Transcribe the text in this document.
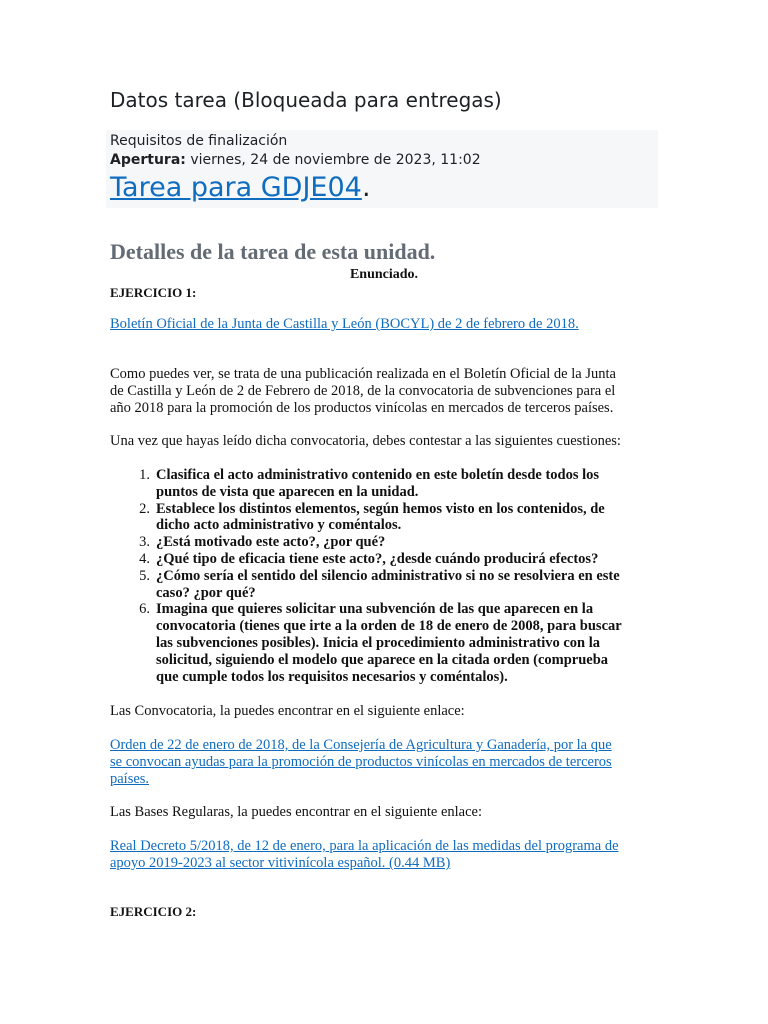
Datos tarea (Bloqueada para entregas)
Requisitos de finalización
Apertura: viernes, 24 de noviembre de 2023, 11:02
Tarea para GDJE04 .
Detalles de la tarea de esta unidad.
Enunciado.
EJERCICIO 1:
Boletín Oficial de la Junta de Castilla y León (BOCYL) de 2 de febrero de 2018.
Como puedes ver, se trata de una publicación realizada en el Boletín Oficial de la Junta
de Castilla y León de 2 de Febrero de 2018, de la convocatoria de subvenciones para el
año 2018 para la promoción de los productos vinícolas en mercados de terceros países.
Una vez que hayas leído dicha convocatoria, debes contestar a las siguientes cuestiones:
1. Clasifica el acto administrativo contenido en este boletín desde todos los
puntos de vista que aparecen en la unidad.
2. Establece los distintos elementos, según hemos visto en los contenidos, de
dicho acto administrativo y coméntalos.
3. ¿Está motivado este acto?, ¿por qué?
4. ¿Qué tipo de eficacia tiene este acto?, ¿desde cuándo producirá efectos?
5. ¿Cómo sería el sentido del silencio administrativo si no se resolviera en este
caso? ¿por qué?
6. Imagina que quieres solicitar una subvención de las que aparecen en la
convocatoria (tienes que irte a la orden de 18 de enero de 2008, para buscar
las subvenciones posibles). Inicia el procedimiento administrativo con la
solicitud, siguiendo el modelo que aparece en la citada orden (comprueba
que cumple todos los requisitos necesarios y coméntalos).
Las Convocatoria, la puedes encontrar en el siguiente enlace:
Orden de 22 de enero de 2018, de la Consejería de Agricultura y Ganadería, por la que
se convocan ayudas para la promoción de productos vinícolas en mercados de terceros
países.
Las Bases Regularas, la puedes encontrar en el siguiente enlace:
Real Decreto 5/2018, de 12 de enero, para la aplicación de las medidas del programa de
apoyo 2019-2023 al sector vitivinícola español. (0.44 MB)
EJERCICIO 2:
